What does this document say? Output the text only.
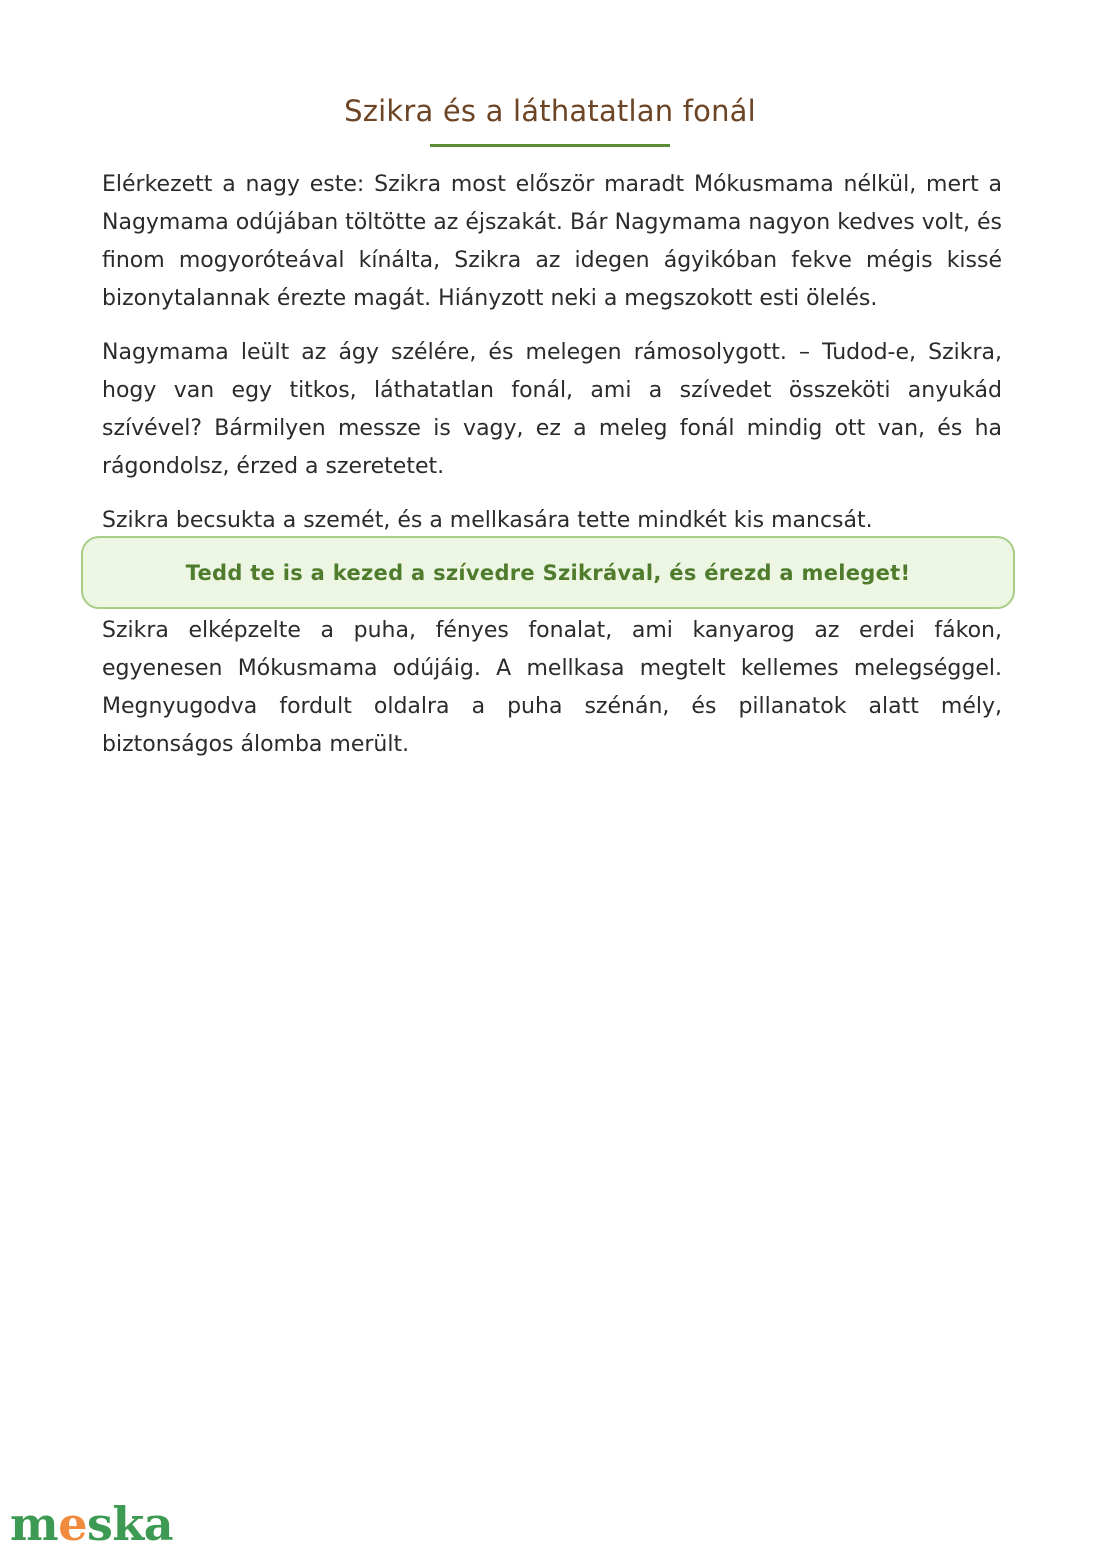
Szikra és a láthatatlan fonál

Elérkezett a nagy este: Szikra most először maradt Mókusmama nélkül, mert a Nagymama odújában töltötte az éjszakát. Bár Nagymama nagyon kedves volt, és finom mogyoróteával kínálta, Szikra az idegen ágyikóban fekve mégis kissé bizonytalannak érezte magát. Hiányzott neki a megszokott esti ölelés.

Nagymama leült az ágy szélére, és melegen rámosolygott. – Tudod-e, Szikra, hogy van egy titkos, láthatatlan fonál, ami a szívedet összeköti anyukád szívével? Bármilyen messze is vagy, ez a meleg fonál mindig ott van, és ha rágondolsz, érzed a szeretetet.

Szikra becsukta a szemét, és a mellkasára tette mindkét kis mancsát.

Tedd te is a kezed a szívedre Szikrával, és érezd a meleget!

Szikra elképzelte a puha, fényes fonalat, ami kanyarog az erdei fákon, egyenesen Mókusmama odújáig. A mellkasa megtelt kellemes melegséggel. Megnyugodva fordult oldalra a puha szénán, és pillanatok alatt mély, biztonságos álomba merült.

meska
